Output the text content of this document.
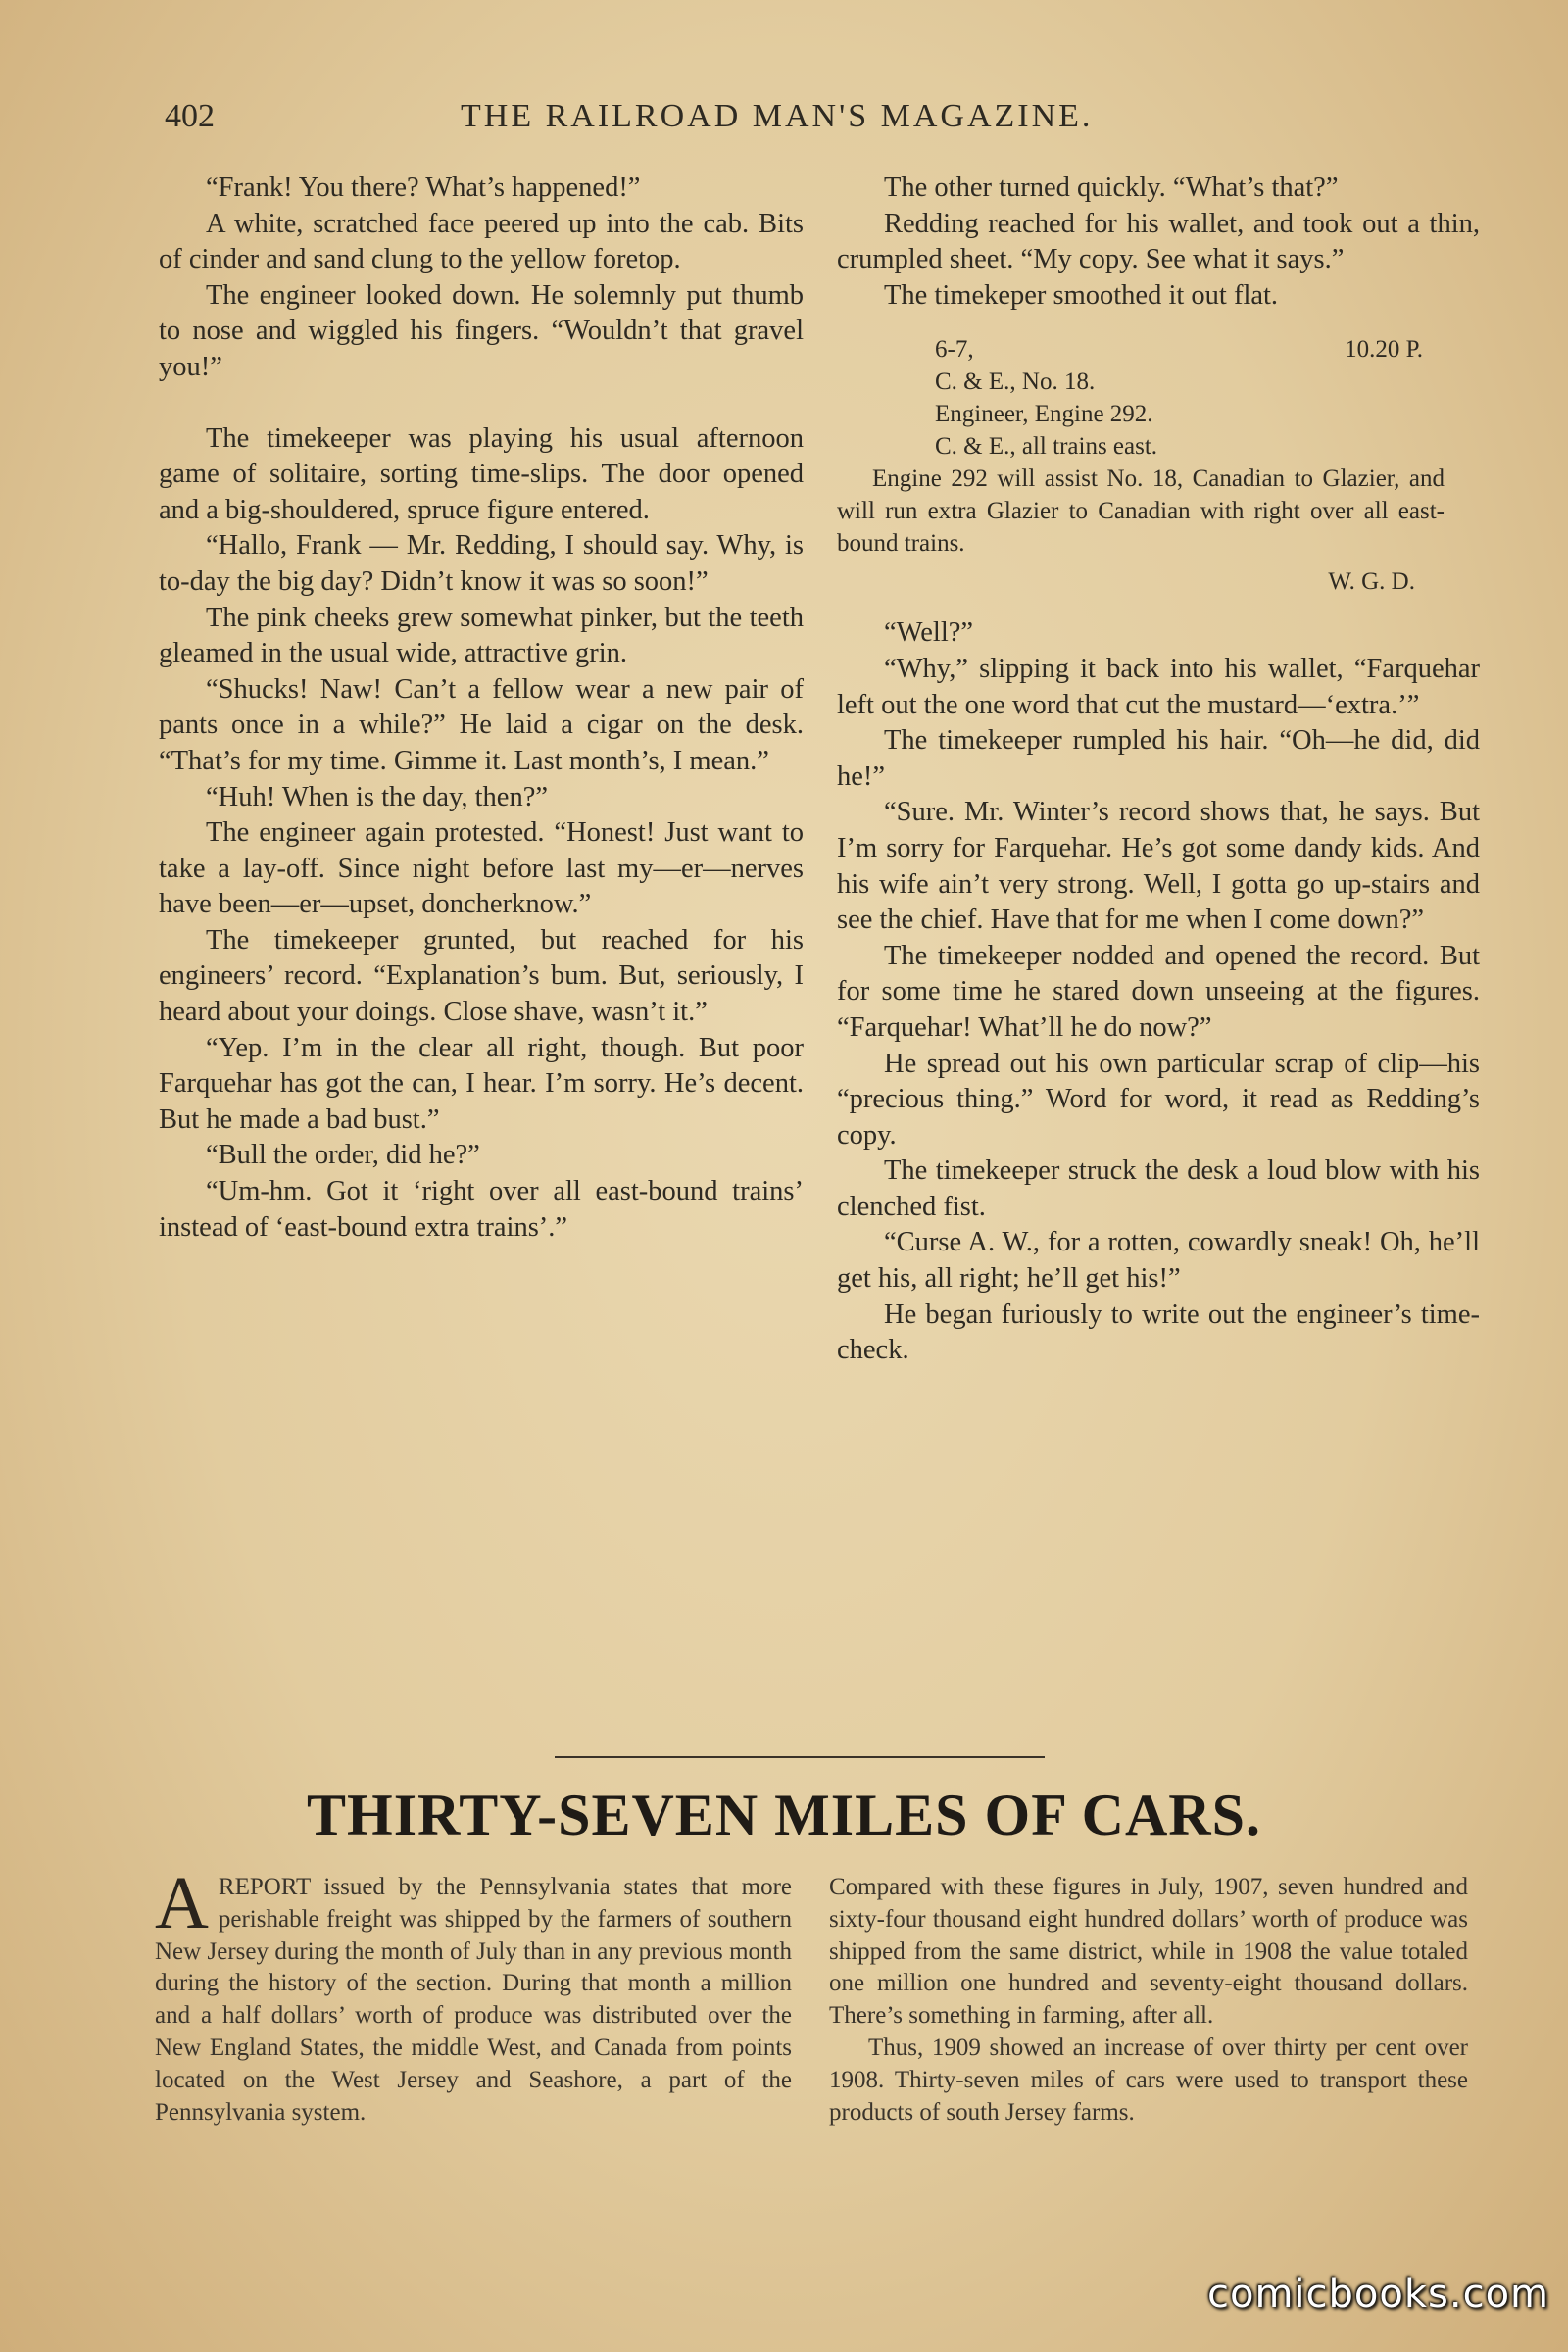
402	THE RAILROAD MAN'S MAGAZINE.

“Frank! You there? What’s happened!”

A white, scratched face peered up into the cab. Bits of cinder and sand clung to the yellow foretop.

The engineer looked down. He solemnly put thumb to nose and wiggled his fingers. “Wouldn’t that gravel you!”

The timekeeper was playing his usual afternoon game of solitaire, sorting time-slips. The door opened and a big-shouldered, spruce figure entered.

“Hallo, Frank — Mr. Redding, I should say. Why, is to-day the big day? Didn’t know it was so soon!”

The pink cheeks grew somewhat pinker, but the teeth gleamed in the usual wide, attractive grin.

“Shucks! Naw! Can’t a fellow wear a new pair of pants once in a while?” He laid a cigar on the desk. “That’s for my time. Gimme it. Last month’s, I mean.”

“Huh! When is the day, then?”

The engineer again protested. “Honest! Just want to take a lay-off. Since night before last my—er—nerves have been—er—upset, doncherknow.”

The timekeeper grunted, but reached for his engineers’ record. “Explanation’s bum. But, seriously, I heard about your doings. Close shave, wasn’t it.”

“Yep. I’m in the clear all right, though. But poor Farquehar has got the can, I hear. I’m sorry. He’s decent. But he made a bad bust.”

“Bull the order, did he?”

“Um-hm. Got it ‘right over all east-bound trains’ instead of ‘east-bound extra trains’.”

The other turned quickly. “What’s that?”

Redding reached for his wallet, and took out a thin, crumpled sheet. “My copy. See what it says.”

The timekeper smoothed it out flat.

6-7,	10.20 P.
C. & E., No. 18.
Engineer, Engine 292.
C. & E., all trains east.
Engine 292 will assist No. 18, Canadian to Glazier, and will run extra Glazier to Canadian with right over all east-bound trains.
W. G. D.

“Well?”

“Why,” slipping it back into his wallet, “Farquehar left out the one word that cut the mustard—‘extra.’”

The timekeeper rumpled his hair. “Oh—he did, did he!”

“Sure. Mr. Winter’s record shows that, he says. But I’m sorry for Farquehar. He’s got some dandy kids. And his wife ain’t very strong. Well, I gotta go up-stairs and see the chief. Have that for me when I come down?”

The timekeeper nodded and opened the record. But for some time he stared down unseeing at the figures. “Farquehar! What’ll he do now?”

He spread out his own particular scrap of clip—his “precious thing.” Word for word, it read as Redding’s copy.

The timekeeper struck the desk a loud blow with his clenched fist.

“Curse A. W., for a rotten, cowardly sneak! Oh, he’ll get his, all right; he’ll get his!”

He began furiously to write out the engineer’s time-check.

THIRTY-SEVEN MILES OF CARS.

AREPORT issued by the Pennsylvania states that more perishable freight was shipped by the farmers of southern New Jersey during the month of July than in any previous month during the history of the section. During that month a million and a half dollars’ worth of produce was distributed over the New England States, the middle West, and Canada from points located on the West Jersey and Seashore, a part of the Pennsylvania system.

Compared with these figures in July, 1907, seven hundred and sixty-four thousand eight hundred dollars’ worth of produce was shipped from the same district, while in 1908 the value totaled one million one hundred and seventy-eight thousand dollars. There’s something in farming, after all.

Thus, 1909 showed an increase of over thirty per cent over 1908. Thirty-seven miles of cars were used to transport these products of south Jersey farms.

comicbooks.com
